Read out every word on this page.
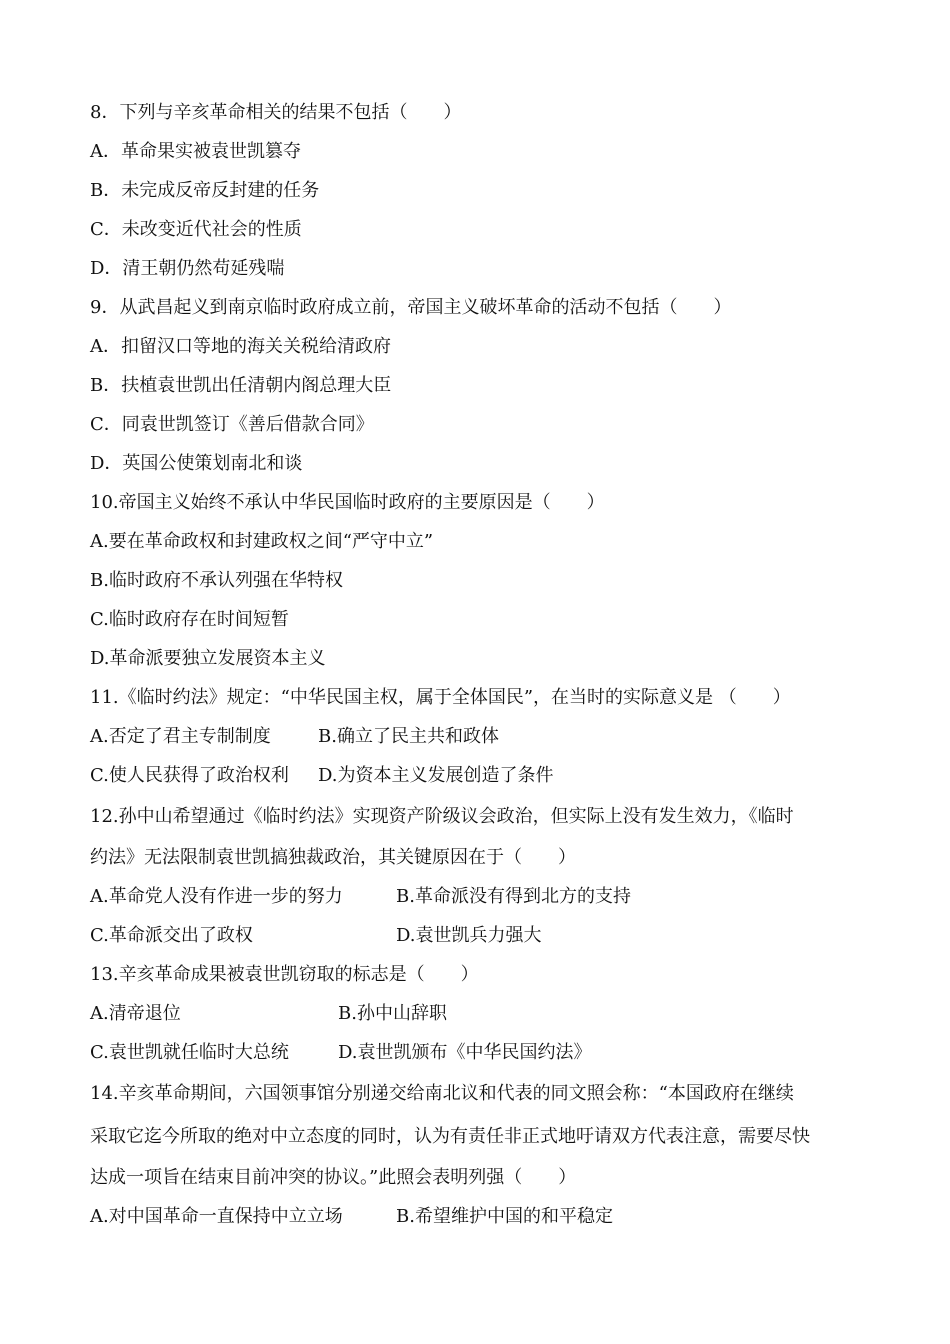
8．下列与辛亥革命相关的结果不包括（　　）
A．革命果实被袁世凯篡夺
B．未完成反帝反封建的任务
C．未改变近代社会的性质
D．清王朝仍然苟延残喘
9．从武昌起义到南京临时政府成立前，帝国主义破坏革命的活动不包括（　　）
A．扣留汉口等地的海关关税给清政府
B．扶植袁世凯出任清朝内阁总理大臣
C．同袁世凯签订《善后借款合同》
D．英国公使策划南北和谈
10.帝国主义始终不承认中华民国临时政府的主要原因是（　　）
A.要在革命政权和封建政权之间“严守中立”
B.临时政府不承认列强在华特权
C.临时政府存在时间短暂
D.革命派要独立发展资本主义
11.《临时约法》规定：“中华民国主权，属于全体国民”，在当时的实际意义是 （　　）
A.否定了君主专制制度	B.确立了民主共和政体
C.使人民获得了政治权利	D.为资本主义发展创造了条件
12.孙中山希望通过《临时约法》实现资产阶级议会政治，但实际上没有发生效力，《临时
约法》无法限制袁世凯搞独裁政治，其关键原因在于（　　）
A.革命党人没有作进一步的努力	B.革命派没有得到北方的支持
C.革命派交出了政权	D.袁世凯兵力强大
13.辛亥革命成果被袁世凯窃取的标志是（　　）
A.清帝退位	B.孙中山辞职
C.袁世凯就任临时大总统	D.袁世凯颁布《中华民国约法》
14.辛亥革命期间，六国领事馆分别递交给南北议和代表的同文照会称：“本国政府在继续
采取它迄今所取的绝对中立态度的同时，认为有责任非正式地吁请双方代表注意，需要尽快
达成一项旨在结束目前冲突的协议。”此照会表明列强（　　）
A.对中国革命一直保持中立立场	B.希望维护中国的和平稳定
